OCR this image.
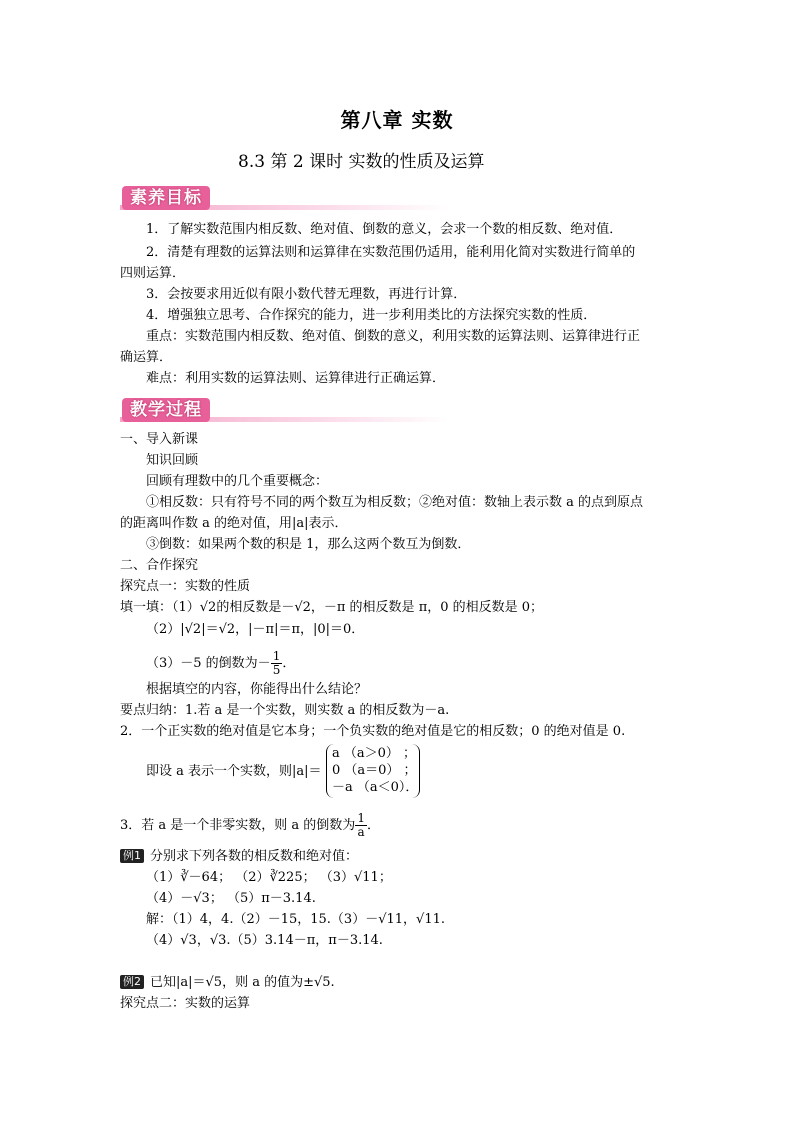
第八章 实数
8.3 第 2 课时 实数的性质及运算
素养目标
1．了解实数范围内相反数、绝对值、倒数的意义，会求一个数的相反数、绝对值．
2．清楚有理数的运算法则和运算律在实数范围仍适用，能利用化简对实数进行简单的
四则运算．
3．会按要求用近似有限小数代替无理数，再进行计算．
4．增强独立思考、合作探究的能力，进一步利用类比的方法探究实数的性质．
重点：实数范围内相反数、绝对值、倒数的意义，利用实数的运算法则、运算律进行正
确运算．
难点：利用实数的运算法则、运算律进行正确运算．
教学过程
一、导入新课
知识回顾
回顾有理数中的几个重要概念：
①相反数：只有符号不同的两个数互为相反数；②绝对值：数轴上表示数 a 的点到原点
的距离叫作数 a 的绝对值，用|a|表示．
③倒数：如果两个数的积是 1，那么这两个数互为倒数．
二、合作探究
探究点一：实数的性质
填一填：（1）√2的相反数是－√2，－π 的相反数是 π，0 的相反数是 0；
（2）|√2|＝√2，|－π|＝π，|0|＝0．
（3）－5 的倒数为－ $\frac{1}{5}$ ．
根据填空的内容，你能得出什么结论？
要点归纳：1.若 a 是一个实数，则实数 a 的相反数为－a.
2．一个正实数的绝对值是它本身；一个负实数的绝对值是它的相反数；0 的绝对值是 0.
即设 a 表示一个实数，则|a|＝
a （a＞0） ；
0 （a＝0） ；
－a （a＜0）．
3．若 a 是一个非零实数，则 a 的倒数为 $\frac{1}{a}$ ．
例1 分别求下列各数的相反数和绝对值：
（1）∛－64； （2）∛225； （3）√11；
（4）－√3； （5）π－3.14.
解：（1）4，4.（2）－15，15.（3）－√11，√11.
（4）√3，√3.（5）3.14－π，π－3.14.
例2 已知|a|＝√5，则 a 的值为±√5.
探究点二：实数的运算
